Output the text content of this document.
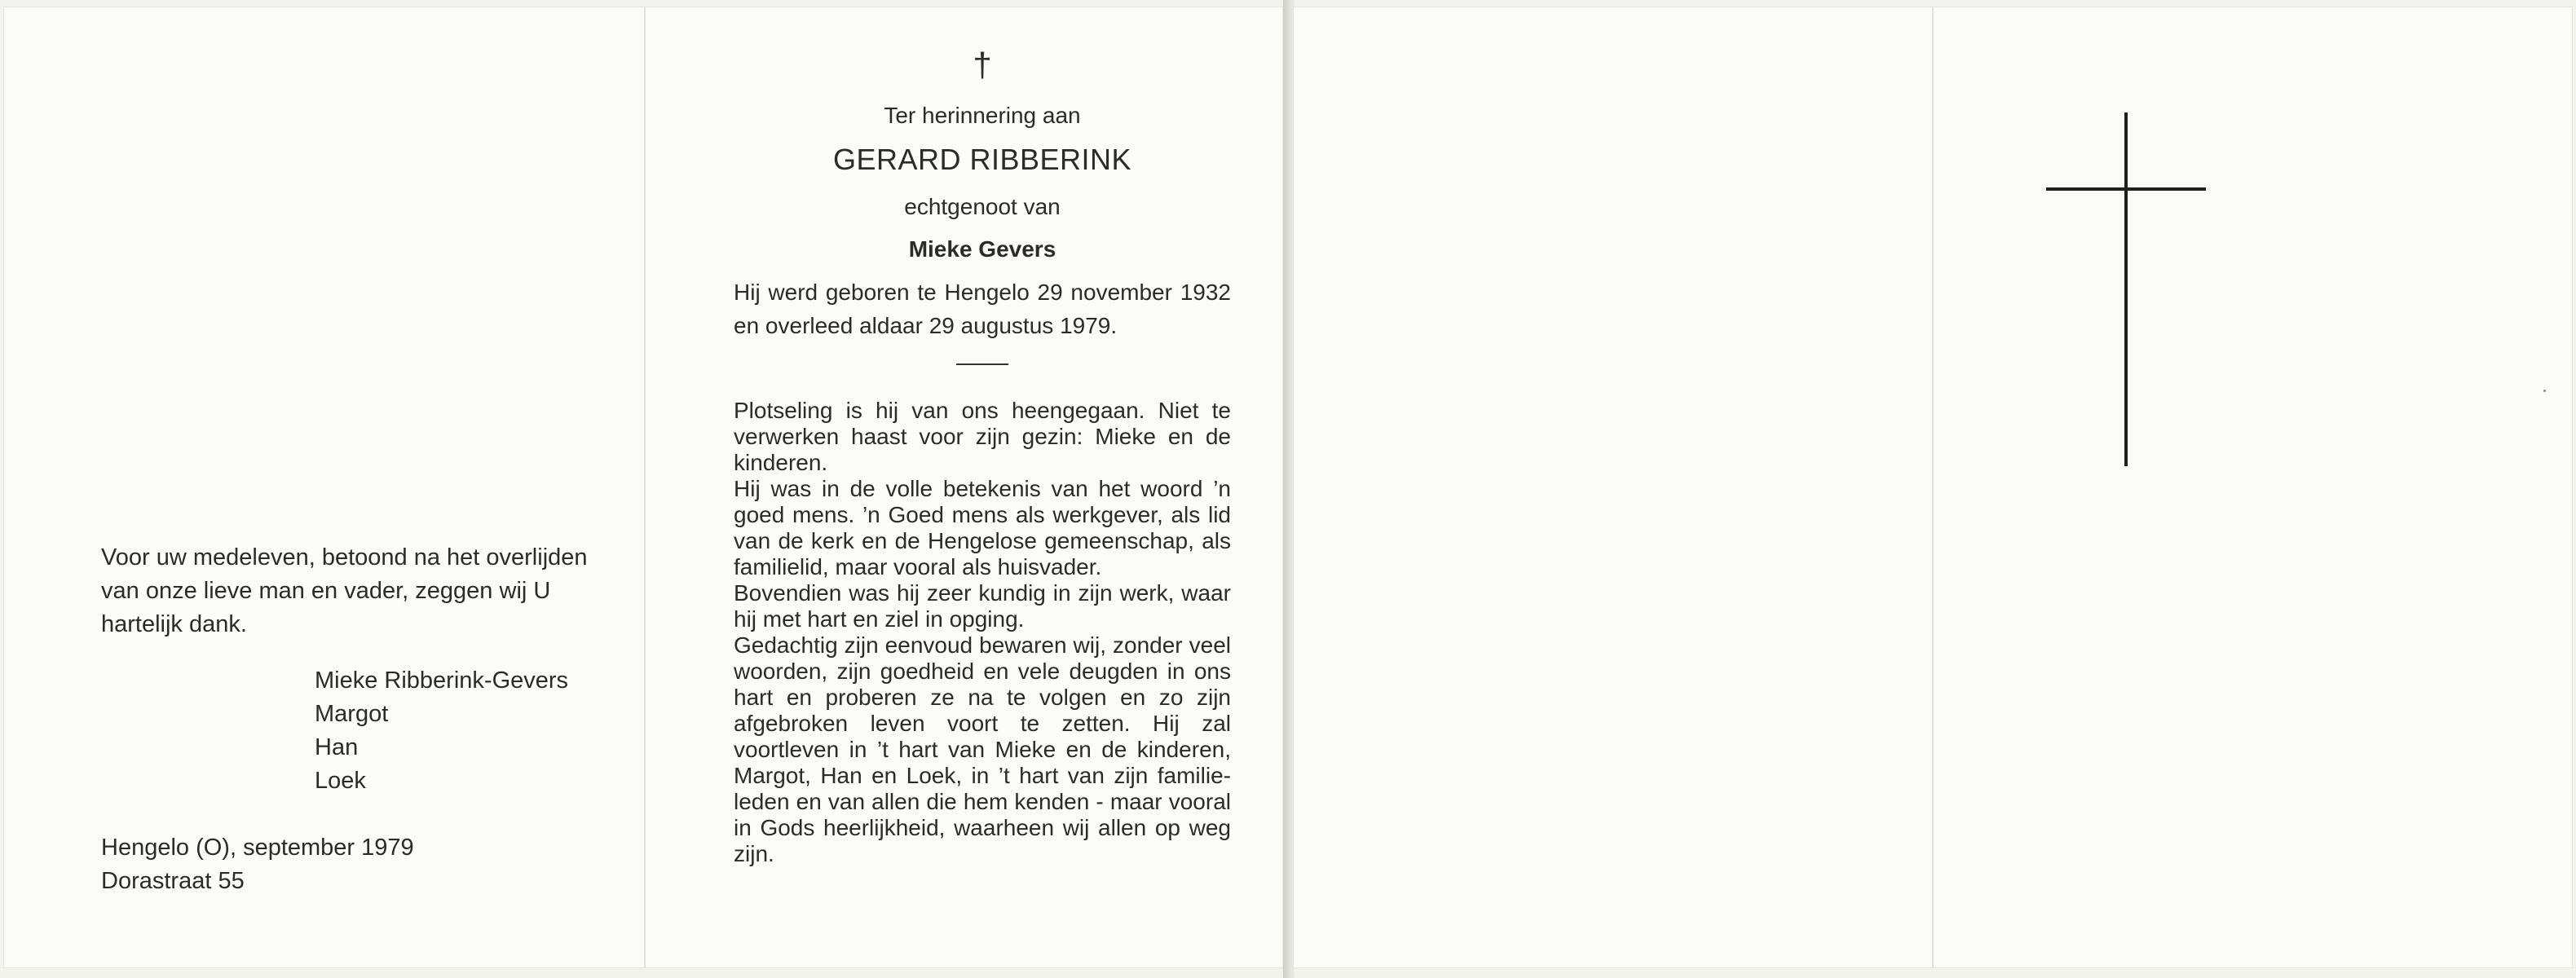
Voor uw medeleven, betoond na het overlijden van onze lieve man en vader, zeggen wij U hartelijk dank.

Mieke Ribberink-Gevers
Margot
Han
Loek
Hengelo (O), september 1979
Dorastraat 55
†
Ter herinnering aan
GERARD RIBBERINK
echtgenoot van
Mieke Gevers
Hij werd geboren te Hengelo 29 november 1932 en overleed aldaar 29 augustus 1979.

Plotseling is hij van ons heengegaan. Niet te verwerken haast voor zijn gezin: Mieke en de kinderen.

Hij was in de volle betekenis van het woord ’n goed mens. ’n Goed mens als werkgever, als lid van de kerk en de Hengelose gemeenschap, als familielid, maar vooral als huisvader.

Bovendien was hij zeer kundig in zijn werk, waar hij met hart en ziel in opging.

Gedachtig zijn eenvoud bewaren wij, zonder veel woorden, zijn goedheid en vele deugden in ons hart en proberen ze na te volgen en zo zijn afgebroken leven voort te zetten. Hij zal voortleven in ’t hart van Mieke en de kinderen, Margot, Han en Loek, in ’t hart van zijn familieleden en van allen die hem kenden - maar vooral in Gods heerlijkheid, waarheen wij allen op weg zijn.
